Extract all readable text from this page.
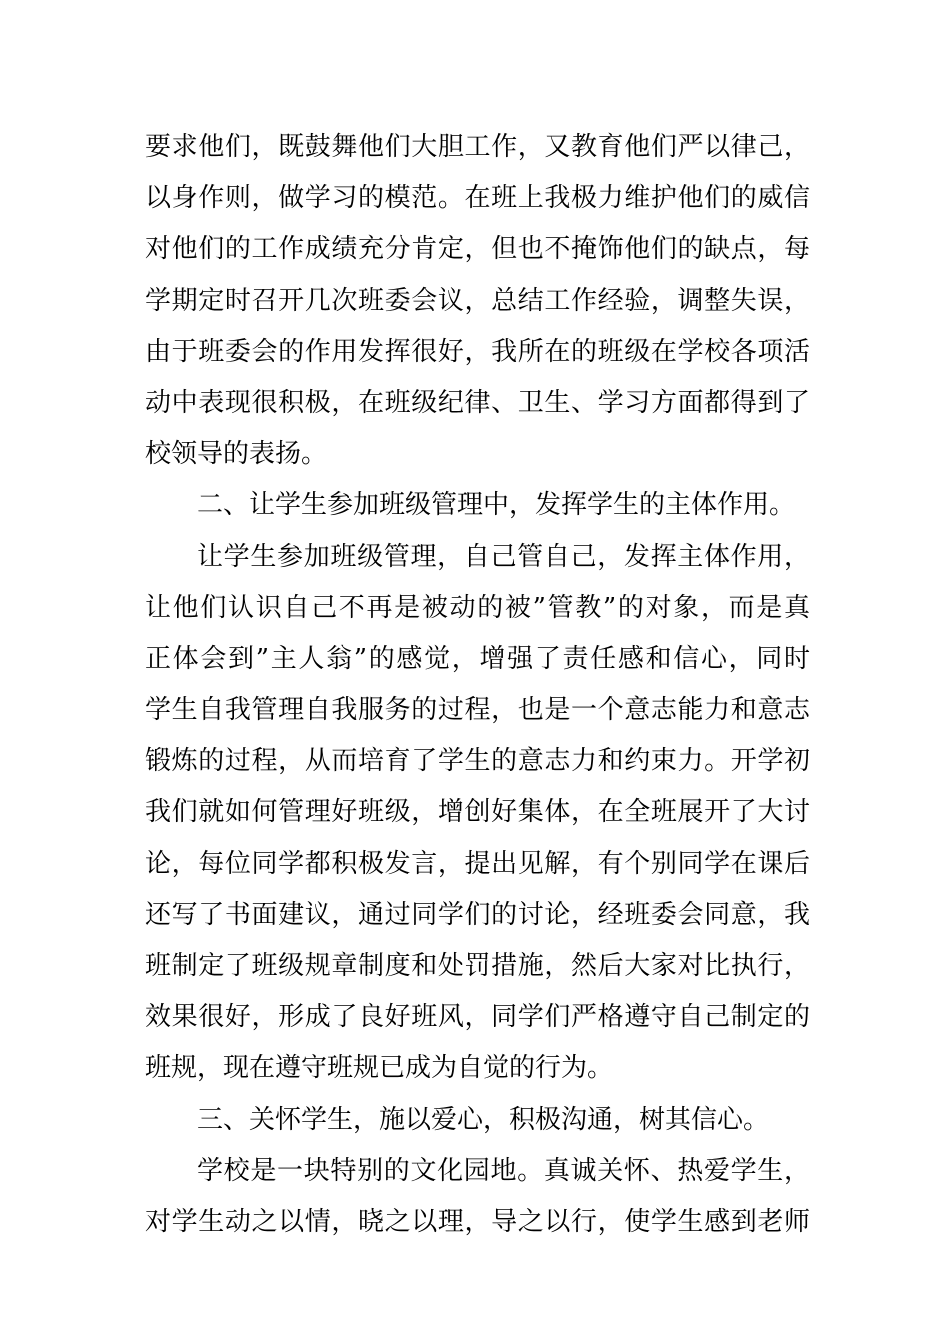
要求他们，既鼓舞他们大胆工作，又教育他们严以律己，
以身作则，做学习的模范。在班上我极力维护他们的威信
对他们的工作成绩充分肯定，但也不掩饰他们的缺点，每
学期定时召开几次班委会议，总结工作经验，调整失误，
由于班委会的作用发挥很好，我所在的班级在学校各项活
动中表现很积极，在班级纪律、卫生、学习方面都得到了
校领导的表扬。
二、让学生参加班级管理中，发挥学生的主体作用。
让学生参加班级管理，自己管自己，发挥主体作用，
让他们认识自己不再是被动的被”管教”的对象，而是真
正体会到”主人翁”的感觉，增强了责任感和信心，同时
学生自我管理自我服务的过程，也是一个意志能力和意志
锻炼的过程，从而培育了学生的意志力和约束力。开学初
我们就如何管理好班级，增创好集体，在全班展开了大讨
论，每位同学都积极发言，提出见解，有个别同学在课后
还写了书面建议，通过同学们的讨论，经班委会同意，我
班制定了班级规章制度和处罚措施，然后大家对比执行，
效果很好，形成了良好班风，同学们严格遵守自己制定的
班规，现在遵守班规已成为自觉的行为。
三、关怀学生，施以爱心，积极沟通，树其信心。
学校是一块特别的文化园地。真诚关怀、热爱学生，
对学生动之以情，晓之以理，导之以行，使学生感到老师
